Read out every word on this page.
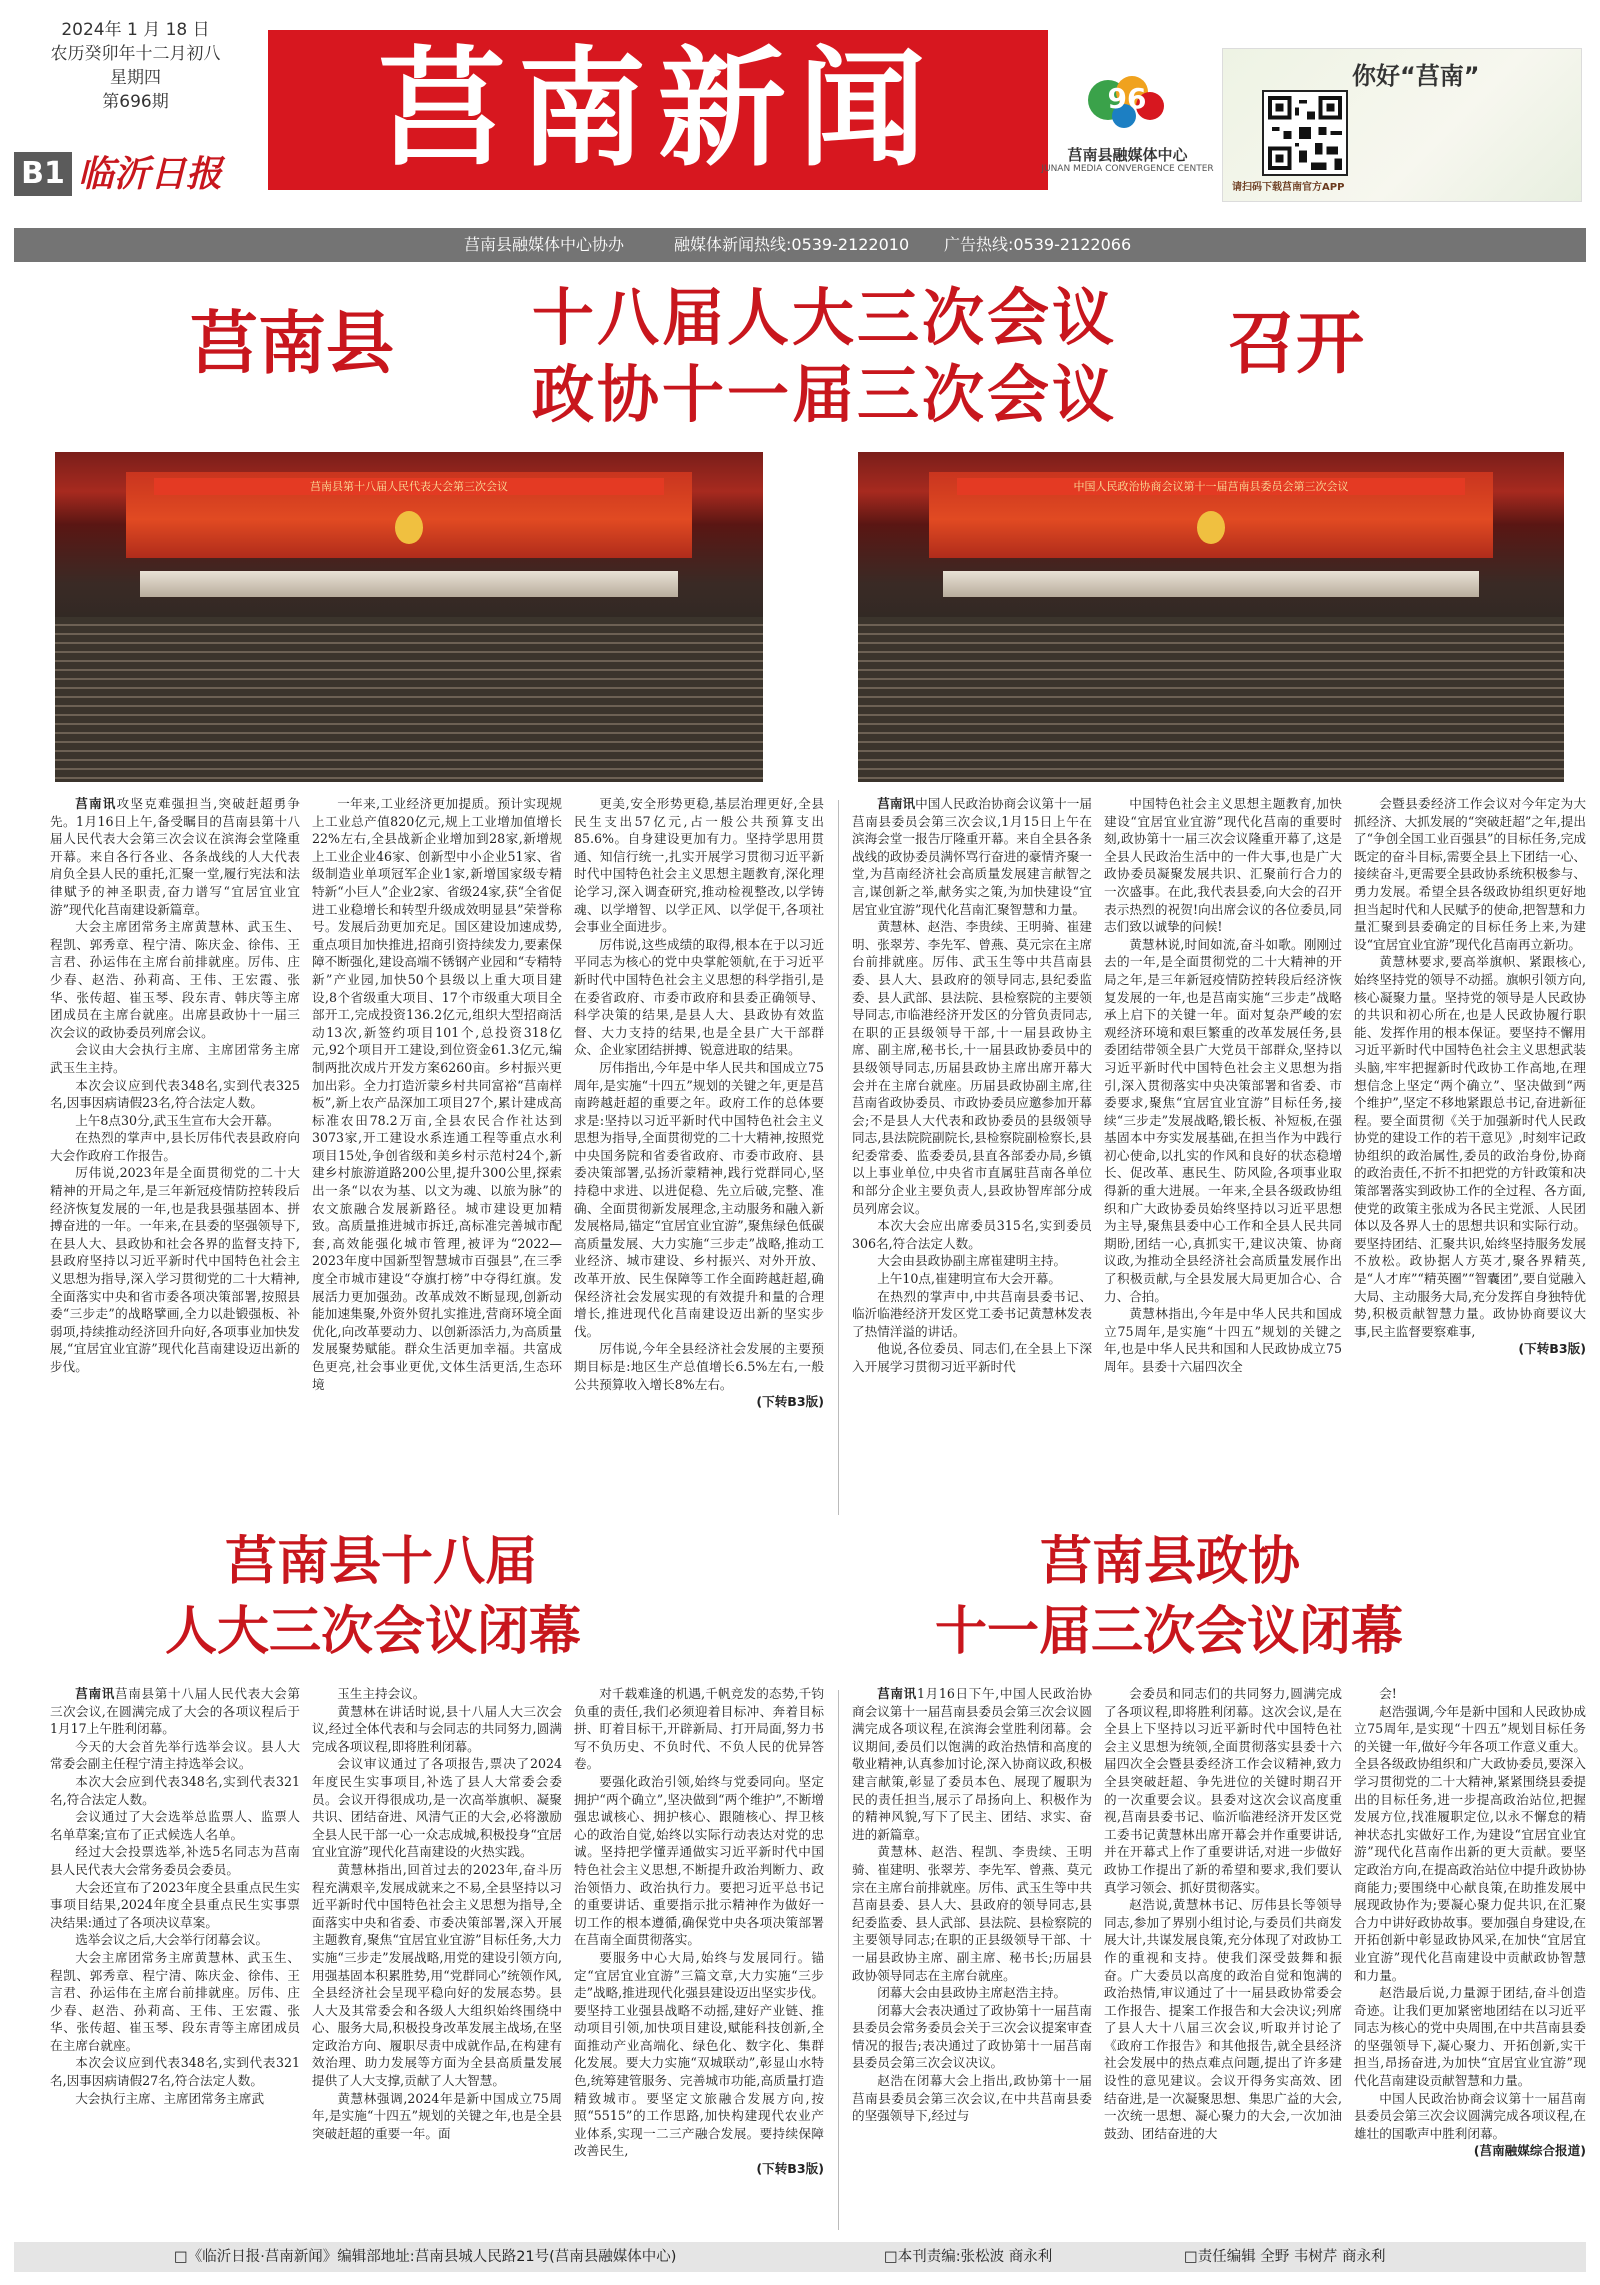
2024年 1 月 18 日
农历癸卯年十二月初八
星期四
第696期
B1 临沂日报	莒南新闻	96
莒南县融媒体中心
JUNAN MEDIA CONVERGENCE CENTER
你好“莒南”
请扫码下载莒南官方APP
莒南县融媒体中心协办	融媒体新闻热线:0539-2122010 广告热线:0539-2122066
莒南县 十八届人大三次会议
政协十一届三次会议
召开
莒南县第十八届人民代表大会第三次会议	中国人民政治协商会议第十一届莒南县委员会第三次会议

莒南讯攻坚克难强担当,突破赶超勇争先。1月16日上午,备受瞩目的莒南县第十八届人民代表大会第三次会议在滨海会堂隆重开幕。来自各行各业、各条战线的人大代表肩负全县人民的重托,汇聚一堂,履行宪法和法律赋予的神圣职责,奋力谱写“宜居宜业宜游”现代化莒南建设新篇章。

大会主席团常务主席黄慧林、武玉生、程凯、郭秀章、程宁清、陈庆金、徐伟、王言君、孙运伟在主席台前排就座。厉伟、庄少春、赵浩、孙莉高、王伟、王宏霞、张华、张传超、崔玉琴、段东青、韩庆等主席团成员在主席台就座。出席县政协十一届三次会议的政协委员列席会议。

会议由大会执行主席、主席团常务主席武玉生主持。

本次会议应到代表348名,实到代表325名,因事因病请假23名,符合法定人数。

上午8点30分,武玉生宣布大会开幕。

在热烈的掌声中,县长厉伟代表县政府向大会作政府工作报告。

厉伟说,2023年是全面贯彻党的二十大精神的开局之年,是三年新冠疫情防控转段后经济恢复发展的一年,也是我县强基固本、拼搏奋进的一年。一年来,在县委的坚强领导下,在县人大、县政协和社会各界的监督支持下,县政府坚持以习近平新时代中国特色社会主义思想为指导,深入学习贯彻党的二十大精神,全面落实中央和省市委各项决策部署,按照县委“三步走”的战略擘画,全力以赴锻强板、补弱项,持续推动经济回升向好,各项事业加快发展,“宜居宜业宜游”现代化莒南建设迈出新的步伐。

一年来,工业经济更加提质。预计实现规上工业总产值820亿元,规上工业增加值增长22%左右,全县战新企业增加到28家,新增规上工业企业46家、创新型中小企业51家、省级制造业单项冠军企业1家,新增国家级专精特新“小巨人”企业2家、省级24家,获“全省促进工业稳增长和转型升级成效明显县”荣誉称号。发展后劲更加充足。国区建设加速成势,重点项目加快推进,招商引资持续发力,要素保障不断强化,建设高端不锈钢产业园和“专精特新”产业园,加快50个县级以上重大项目建设,8个省级重大项目、17个市级重大项目全部开工,完成投资136.2亿元,组织大型招商活动13次,新签约项目101个,总投资318亿元,92个项目开工建设,到位资金61.3亿元,编制两批次成片开发方案6260亩。乡村振兴更加出彩。全力打造沂蒙乡村共同富裕“莒南样板”,新上农产品深加工项目27个,累计建成高标准农田78.2万亩,全县农民合作社达到3073家,开工建设水系连通工程等重点水利项目15处,争创省级和美乡村示范村24个,新建乡村旅游道路200公里,提升300公里,探索出一条“以农为基、以文为魂、以旅为脉”的农文旅融合发展新路径。城市建设更加精致。高质量推进城市拆迁,高标准完善城市配套,高效能强化城市管理,被评为“2022—2023年度中国新型智慧城市百强县”,在三季度全市城市建设“夺旗打榜”中夺得红旗。发展活力更加强劲。改革成效不断显现,创新动能加速集聚,外资外贸扎实推进,营商环境全面优化,向改革要动力、以创新添活力,为高质量发展聚势赋能。群众生活更加幸福。共富成色更亮,社会事业更优,文体生活更活,生态环境

更美,安全形势更稳,基层治理更好,全县民生支出57亿元,占一般公共预算支出85.6%。自身建设更加有力。坚持学思用贯通、知信行统一,扎实开展学习贯彻习近平新时代中国特色社会主义思想主题教育,深化理论学习,深入调查研究,推动检视整改,以学铸魂、以学增智、以学正风、以学促干,各项社会事业全面进步。

厉伟说,这些成绩的取得,根本在于以习近平同志为核心的党中央掌舵领航,在于习近平新时代中国特色社会主义思想的科学指引,是在委省政府、市委市政府和县委正确领导、科学决策的结果,是县人大、县政协有效监督、大力支持的结果,也是全县广大干部群众、企业家团结拼搏、锐意进取的结果。

厉伟指出,今年是中华人民共和国成立75周年,是实施“十四五”规划的关键之年,更是莒南跨越赶超的重要之年。政府工作的总体要求是:坚持以习近平新时代中国特色社会主义思想为指导,全面贯彻党的二十大精神,按照党中央国务院和省委省政府、市委市政府、县委决策部署,弘扬沂蒙精神,践行党群同心,坚持稳中求进、以进促稳、先立后破,完整、准确、全面贯彻新发展理念,主动服务和融入新发展格局,锚定“宜居宜业宜游”,聚焦绿色低碳高质量发展、大力实施“三步走”战略,推动工业经济、城市建设、乡村振兴、对外开放、改革开放、民生保障等工作全面跨越赶超,确保经济社会发展实现的有效提升和量的合理增长,推进现代化莒南建设迈出新的坚实步伐。

厉伟说,今年全县经济社会发展的主要预期目标是:地区生产总值增长6.5%左右,一般公共预算收入增长8%左右。

(下转B3版)

莒南讯中国人民政治协商会议第十一届莒南县委员会第三次会议,1月15日上午在滨海会堂一报告厅隆重开幕。来自全县各条战线的政协委员满怀骂行奋进的豪情齐聚一堂,为莒南经济社会高质量发展建言献智之言,谋创新之举,献务实之策,为加快建设“宜居宜业宜游”现代化莒南汇聚智慧和力量。

黄慧林、赵浩、李贵续、王明骑、崔建明、张翠芳、李先军、曾燕、莫元宗在主席台前排就座。厉伟、武玉生等中共莒南县委、县人大、县政府的领导同志,县纪委监委、县人武部、县法院、县检察院的主要领导同志,市临港经济开发区的分管负责同志,在职的正县级领导干部,十一届县政协主席、副主席,秘书长,十一届县政协委员中的县级领导同志,历届县政协主席出席开幕大会并在主席台就座。历届县政协副主席,往莒南省政协委员、市政协委员应邀参加开幕会;不是县人大代表和政协委员的县级领导同志,县法院院副院长,县检察院副检察长,县纪委常委、监委委员,县直各部委办局,乡镇以上事业单位,中央省市直属驻莒南各单位和部分企业主要负责人,县政协智库部分成员列席会议。

本次大会应出席委员315名,实到委员306名,符合法定人数。

大会由县政协副主席崔建明主持。

上午10点,崔建明宣布大会开幕。

在热烈的掌声中,中共莒南县委书记、临沂临港经济开发区党工委书记黄慧林发表了热情洋溢的讲话。

他说,各位委员、同志们,在全县上下深入开展学习贯彻习近平新时代

中国特色社会主义思想主题教育,加快建设“宜居宜业宜游”现代化莒南的重要时刻,政协第十一届三次会议隆重开幕了,这是全县人民政治生活中的一件大事,也是广大政协委员凝聚发展共识、汇聚前行合力的一次盛事。在此,我代表县委,向大会的召开表示热烈的祝贺!向出席会议的各位委员,同志们致以诚挚的问候!

黄慧林说,时间如流,奋斗如歌。刚刚过去的一年,是全面贯彻党的二十大精神的开局之年,是三年新冠疫情防控转段后经济恢复发展的一年,也是莒南实施“三步走”战略承上启下的关键一年。面对复杂严峻的宏观经济环境和艰巨繁重的改革发展任务,县委团结带领全县广大党员干部群众,坚持以习近平新时代中国特色社会主义思想为指引,深入贯彻落实中央决策部署和省委、市委要求,聚焦“宜居宜业宜游”目标任务,接续“三步走”发展战略,锻长板、补短板,在强基固本中夯实发展基础,在担当作为中践行初心使命,以扎实的作风和良好的状态稳增长、促改革、惠民生、防风险,各项事业取得新的重大进展。一年来,全县各级政协组织和广大政协委员始终坚持以习近平思想为主导,聚焦县委中心工作和全县人民共同期盼,团结一心,真抓实干,建议决策、协商议政,为推动全县经济社会高质量发展作出了积极贡献,与全县发展大局更加合心、合力、合拍。

黄慧林指出,今年是中华人民共和国成立75周年,是实施“十四五”规划的关键之年,也是中华人民共和国和人民政协成立75周年。县委十六届四次全

会暨县委经济工作会议对今年定为大抓经济、大抓发展的“突破赶超”之年,提出了“争创全国工业百强县”的目标任务,完成既定的奋斗目标,需要全县上下团结一心、接续奋斗,更需要全县政协系统积极参与、勇力发展。希望全县各级政协组织更好地担当起时代和人民赋予的使命,把智慧和力量汇聚到县委确定的目标任务上来,为建设“宜居宜业宜游”现代化莒南再立新功。

黄慧林要求,要高举旗帜、紧跟核心,始终坚持党的领导不动摇。旗帜引领方向,核心凝聚力量。坚持党的领导是人民政协的共识和初心所在,也是人民政协履行职能、发挥作用的根本保证。要坚持不懈用习近平新时代中国特色社会主义思想武装头脑,牢牢把握新时代政协工作高地,在理想信念上坚定“两个确立”、坚决做到“两个维护”,坚定不移地紧跟总书记,奋进新征程。要全面贯彻《关于加强新时代人民政协党的建设工作的若干意见》,时刻牢记政协组织的政治属性,委员的政治身份,协商的政治责任,不折不扣把党的方针政策和决策部署落实到政协工作的全过程、各方面,使党的政策主张成为各民主党派、人民团体以及各界人士的思想共识和实际行动。要坚持团结、汇聚共识,始终坚持服务发展不放松。政协据人方英才,聚各界精英,是“人才库”“精英圈”“智囊团”,要自觉融入大局、主动服务大局,充分发挥自身独特优势,积极贡献智慧力量。政协协商要议大事,民主监督要察难事,

(下转B3版)
莒南县十八届
人大三次会议闭幕
莒南县政协
十一届三次会议闭幕

莒南讯莒南县第十八届人民代表大会第三次会议,在圆满完成了大会的各项议程后于1月17上午胜利闭幕。

今天的大会首先举行选举会议。县人大常委会副主任程宁清主持选举会议。

本次大会应到代表348名,实到代表321名,符合法定人数。

会议通过了大会选举总监票人、监票人名单草案;宣布了正式候选人名单。

经过大会投票选举,补选5名同志为莒南县人民代表大会常务委员会委员。

大会还宣布了2023年度全县重点民生实事项目结果,2024年度全县重点民生实事票决结果:通过了各项决议草案。

选举会议之后,大会举行闭幕会议。

大会主席团常务主席黄慧林、武玉生、程凯、郭秀章、程宁清、陈庆金、徐伟、王言君、孙运伟在主席台前排就座。厉伟、庄少春、赵浩、孙莉高、王伟、王宏霞、张华、张传超、崔玉琴、段东青等主席团成员在主席台就座。

本次会议应到代表348名,实到代表321名,因事因病请假27名,符合法定人数。

大会执行主席、主席团常务主席武

玉生主持会议。

黄慧林在讲话时说,县十八届人大三次会议,经过全体代表和与会同志的共同努力,圆满完成各项议程,即将胜利闭幕。

会议审议通过了各项报告,票决了2024年度民生实事项目,补选了县人大常委会委员。会议开得很成功,是一次高举旗帜、凝聚共识、团结奋进、风清气正的大会,必将激励全县人民干部一心一众志成城,积极投身“宜居宜业宜游”现代化莒南建设的火热实践。

黄慧林指出,回首过去的2023年,奋斗历程充满艰辛,发展成就来之不易,全县坚持以习近平新时代中国特色社会主义思想为指导,全面落实中央和省委、市委决策部署,深入开展主题教育,聚焦“宜居宜业宜游”目标任务,大力实施“三步走”发展战略,用党的建设引领方向,用强基固本积累胜势,用“党群同心”统领作风,全县经济社会呈现平稳向好的发展态势。县人大及其常委会和各级人大组织始终围绕中心、服务大局,积极投身改革发展主战场,在坚定政治方向、履职尽责中成就作品,在构建有效治理、助力发展等方面为全县高质量发展提供了人大支撑,贡献了人大智慧。

黄慧林强调,2024年是新中国成立75周年,是实施“十四五”规划的关键之年,也是全县突破赶超的重要一年。面

对千载难逢的机遇,千帆竞发的态势,千钧负重的责任,我们必须迎着目标冲、奔着目标拼、盯着目标干,开辟新局、打开局面,努力书写不负历史、不负时代、不负人民的优异答卷。

要强化政治引领,始终与党委同向。坚定拥护“两个确立”,坚决做到“两个维护”,不断增强忠诚核心、拥护核心、跟随核心、捍卫核心的政治自觉,始终以实际行动表达对党的忠诚。坚持把学懂弄通做实习近平新时代中国特色社会主义思想,不断提升政治判断力、政治领悟力、政治执行力。要把习近平总书记的重要讲话、重要指示批示精神作为做好一切工作的根本遵循,确保党中央各项决策部署在莒南全面贯彻落实。

要服务中心大局,始终与发展同行。锚定“宜居宜业宜游”三篇文章,大力实施“三步走”战略,推进现代化强县建设迈出坚实步伐。要坚持工业强县战略不动摇,建好产业链、推动项目引领,加快项目建设,赋能科技创新,全面推动产业高端化、绿色化、数字化、集群化发展。要大力实施“双城联动”,彰显山水特色,统筹建管服务、完善城市功能,高质量打造精致城市。要坚定文旅融合发展方向,按照“5515”的工作思路,加快构建现代农业产业体系,实现一二三产融合发展。要持续保障改善民生,

(下转B3版)

莒南讯1月16日下午,中国人民政治协商会议第十一届莒南县委员会第三次会议圆满完成各项议程,在滨海会堂胜利闭幕。会议期间,委员们以饱满的政治热情和高度的敬业精神,认真参加讨论,深入协商议政,积极建言献策,彰显了委员本色、展现了履职为民的责任担当,展示了昂扬向上、积极作为的精神风貌,写下了民主、团结、求实、奋进的新篇章。

黄慧林、赵浩、程凯、李贵续、王明骑、崔建明、张翠芳、李先军、曾燕、莫元宗在主席台前排就座。厉伟、武玉生等中共莒南县委、县人大、县政府的领导同志,县纪委监委、县人武部、县法院、县检察院的主要领导同志;在职的正县级领导干部、十一届县政协主席、副主席、秘书长;历届县政协领导同志在主席台就座。

闭幕大会由县政协主席赵浩主持。

闭幕大会表决通过了政协第十一届莒南县委员会常务委员会关于三次会议提案审查情况的报告;表决通过了政协第十一届莒南县委员会第三次会议决议。

赵浩在闭幕大会上指出,政协第十一届莒南县委员会第三次会议,在中共莒南县委的坚强领导下,经过与

会委员和同志们的共同努力,圆满完成了各项议程,即将胜利闭幕。这次会议,是在全县上下坚持以习近平新时代中国特色社会主义思想为统领,全面贯彻落实县委十六届四次全会暨县委经济工作会议精神,致力全县突破赶超、争先进位的关键时期召开的一次重要会议。县委对这次会议高度重视,莒南县委书记、临沂临港经济开发区党工委书记黄慧林出席开幕会并作重要讲话,并在开幕式上作了重要讲话,对进一步做好政协工作提出了新的希望和要求,我们要认真学习领会、抓好贯彻落实。

赵浩说,黄慧林书记、厉伟县长等领导同志,参加了界别小组讨论,与委员们共商发展大计,共谋发展良策,充分体现了对政协工作的重视和支持。使我们深受鼓舞和振奋。广大委员以高度的政治自觉和饱满的政治热情,审议通过了十一届县政协常委会工作报告、提案工作报告和大会决议;列席了县人大十八届三次会议,听取并讨论了《政府工作报告》和其他报告,就全县经济社会发展中的热点难点问题,提出了许多建设性的意见建议。会议开得务实高效、团结奋进,是一次凝聚思想、集思广益的大会,一次统一思想、凝心聚力的大会,一次加油鼓劲、团结奋进的大

会!

赵浩强调,今年是新中国和人民政协成立75周年,是实现“十四五”规划目标任务的关键一年,做好今年各项工作意义重大。全县各级政协组织和广大政协委员,要深入学习贯彻党的二十大精神,紧紧围绕县委提出的目标任务,进一步提高政治站位,把握发展方位,找准履职定位,以永不懈怠的精神状态扎实做好工作,为建设“宜居宜业宜游”现代化莒南作出新的更大贡献。要坚定政治方向,在提高政治站位中提升政协协商能力;要围绕中心献良策,在助推发展中展现政协作为;要凝心聚力促共识,在汇聚合力中讲好政协故事。要加强自身建设,在开拓创新中彰显政协风采,在加快“宜居宜业宜游”现代化莒南建设中贡献政协智慧和力量。

赵浩最后说,力量源于团结,奋斗创造奇迹。让我们更加紧密地团结在以习近平同志为核心的党中央周围,在中共莒南县委的坚强领导下,凝心聚力、开拓创新,实干担当,昂扬奋进,为加快“宜居宜业宜游”现代化莒南建设贡献智慧和力量。

中国人民政治协商会议第十一届莒南县委员会第三次会议圆满完成各项议程,在雄壮的国歌声中胜利闭幕。

(莒南融媒综合报道)
□《临沂日报·莒南新闻》编辑部地址:莒南县城人民路21号(莒南县融媒体中心)	□本刊责编:张松波 商永利	□责任编辑 全野 韦树芹 商永利
